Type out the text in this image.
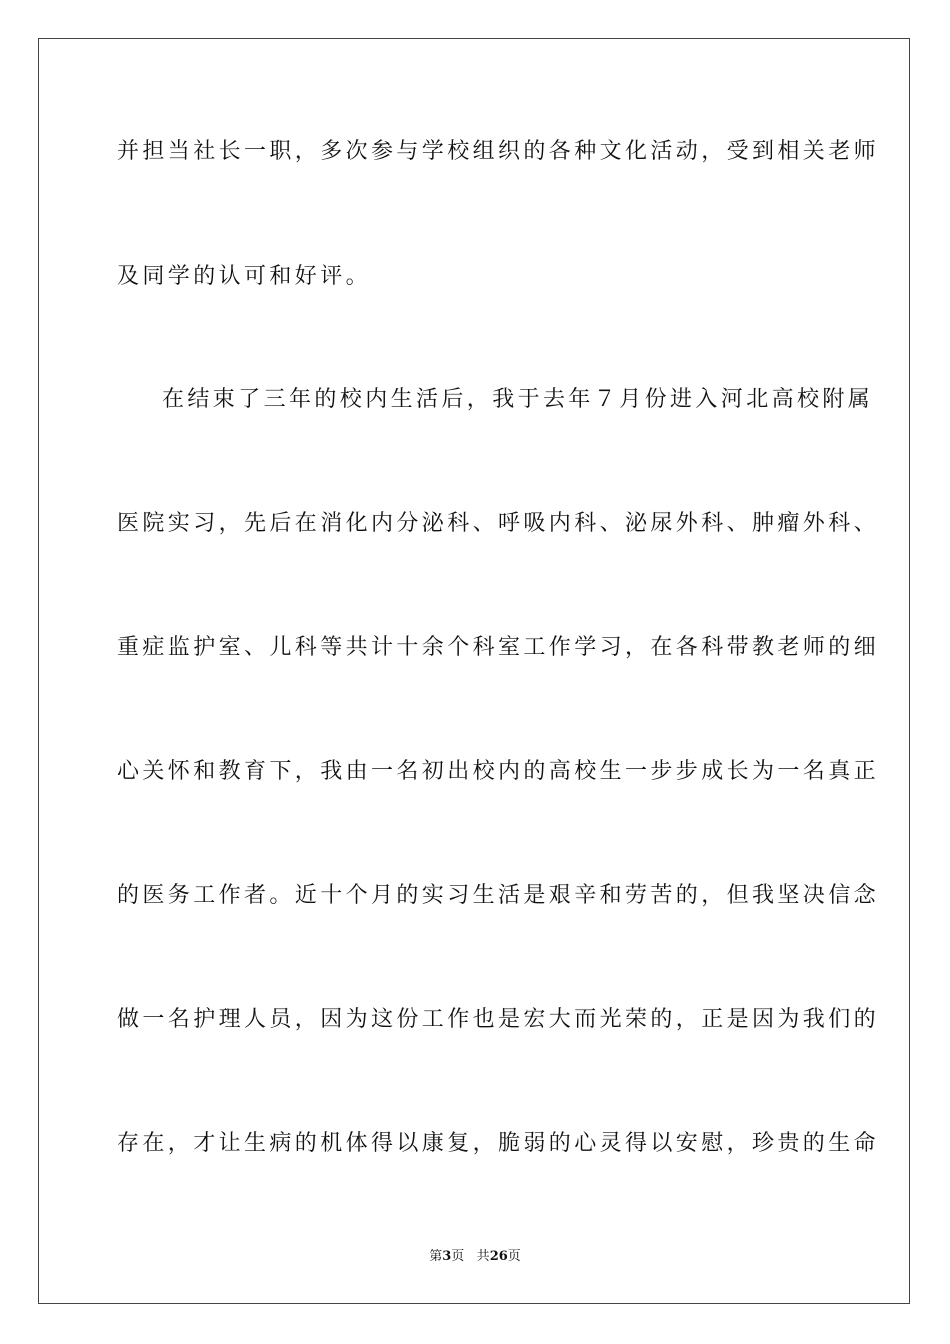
并担当社长一职，多次参与学校组织的各种文化活动，受到相关老师
及同学的认可和好评。
在结束了三年的校内生活后，我于去年７月份进入河北高校附属
医院实习，先后在消化内分泌科、呼吸内科、泌尿外科、肿瘤外科、
重症监护室、儿科等共计十余个科室工作学习，在各科带教老师的细
心关怀和教育下，我由一名初出校内的高校生一步步成长为一名真正
的医务工作者。近十个月的实习生活是艰辛和劳苦的，但我坚决信念
做一名护理人员，因为这份工作也是宏大而光荣的，正是因为我们的
存在，才让生病的机体得以康复，脆弱的心灵得以安慰，珍贵的生命
第3页 共26页
